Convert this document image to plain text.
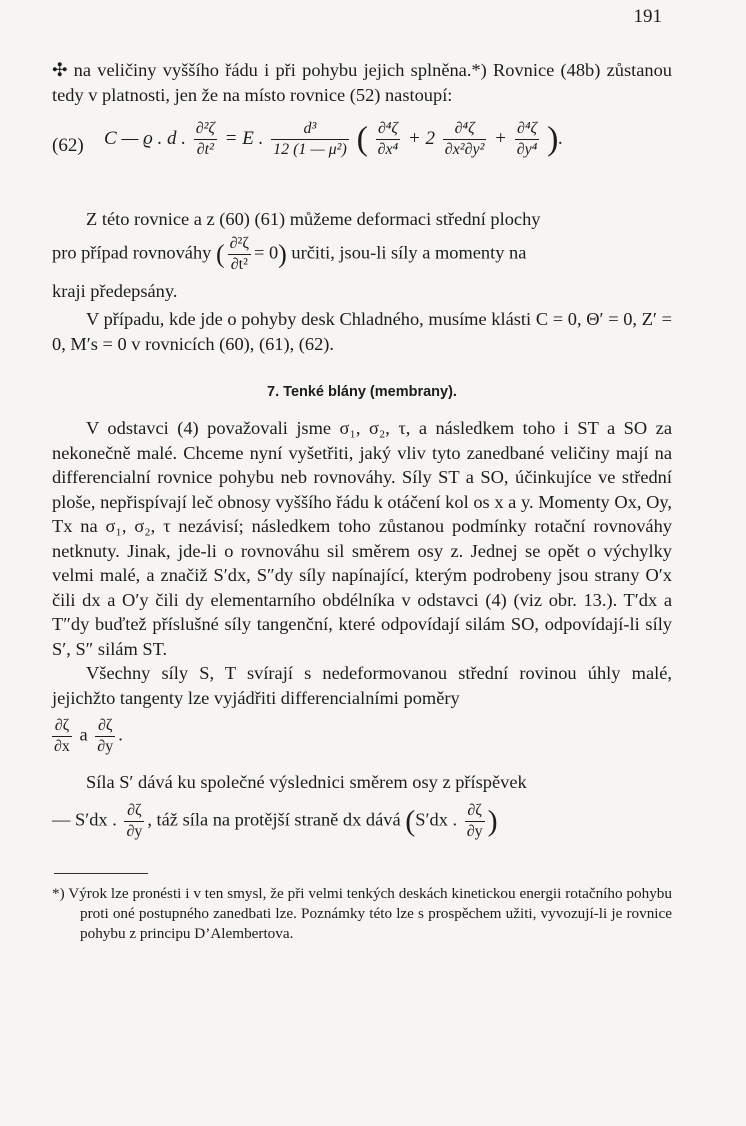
191

✣ na veličiny vyššího řádu i při pohybu jejich splněna.*) Rovnice (48b) zůstanou tedy v platnosti, jen že na místo rovnice (52) nastoupí:

(62) C — ϱ . d . $\frac{\text{∂²ζ}}{\text{∂t²}} = E$ . $\frac{\text{d³}}{\text{12 (1 — μ²)}}$ ( $\frac{\text{∂⁴ζ}}{\text{∂x⁴}} + 2 \frac{\text{∂⁴ζ}}{\text{∂x²∂y²}} + \frac{\text{∂⁴ζ}}{\text{∂y⁴}}$ ).

Z této rovnice a z (60) (61) můžeme deformaci střední plochy

pro případ rovnováhy ( $\frac{\text{∂²ζ}}{\text{∂t²}} = 0$) určiti, jsou-li síly a momenty na

kraji předepsány.

V případu, kde jde o pohyby desk Chladného, musíme klásti C = 0, Θ′ = 0, Z′ = 0, M′s = 0 v rovnicích (60), (61), (62).

7. Tenké blány (membrany).

V odstavci (4) považovali jsme σ₁, σ₂, τ, a následkem toho i ST a SO za nekonečně malé. Chceme nyní vyšetřiti, jaký vliv tyto zanedbané veličiny mají na differencialní rovnice pohybu neb rovnováhy. Síly ST a SO, účinkujíce ve střední ploše, nepřispívají leč obnosy vyššího řádu k otáčení kol os x a y. Momenty Ox, Oy, Tx na σ₁, σ₂, τ nezávisí; následkem toho zůstanou podmínky rotační rovnováhy netknuty. Jinak, jde-li o rovnováhu sil směrem osy z. Jednej se opět o výchylky velmi malé, a značiž S′dx, S″dy síly napínající, kterým podrobeny jsou strany O′x čili dx a O′y čili dy elementarního obdélníka v odstavci (4) (viz obr. 13.). T′dx a T″dy buďtež příslušné síly tangenční, které odpovídají silám SO, odpovídají-li síly S′, S″ silám ST.

Všechny síly S, T svírají s nedeformovanou střední rovinou úhly malé, jejichžto tangenty lze vyjádřiti differencialními poměry

$\frac{\partial\zeta}{\partial x}$ a $\frac{\partial\zeta}{\partial y}$ .

Síla S′ dává ku společné výslednici směrem osy z příspěvek

— S′dx . $\frac{\partial\zeta}{\partial y}$ , táž síla na protější straně dx dává (S′dx . $\frac{\partial\zeta}{\partial y}$ )

*) Výrok lze pronésti i v ten smysl, že při velmi tenkých deskách kinetickou energii rotačního pohybu proti oné postupného zanedbati lze. Poznámky této lze s prospěchem užiti, vyvozují-li je rovnice pohybu z principu D’Alembertova.
